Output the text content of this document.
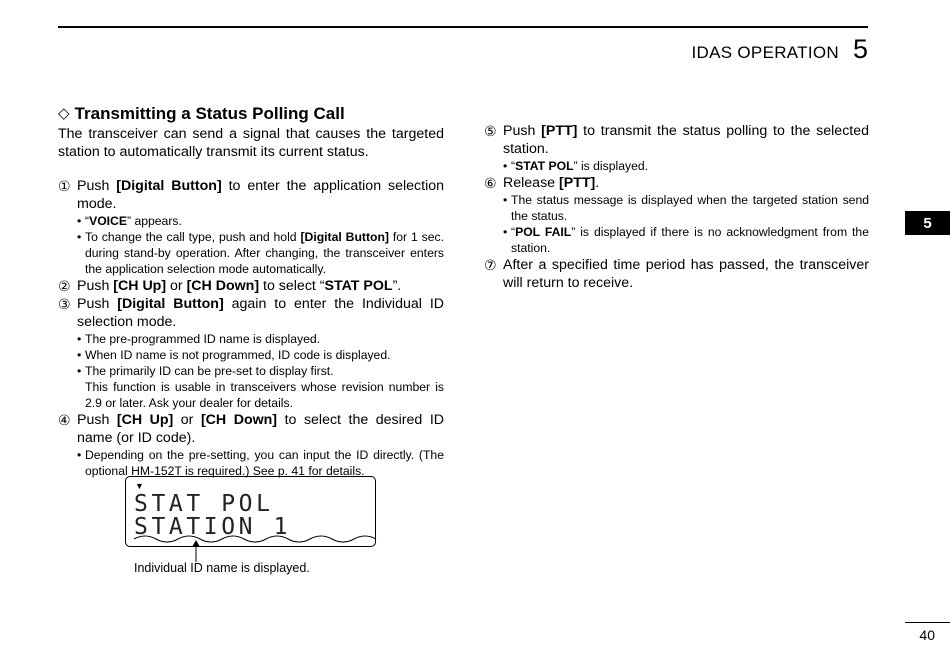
IDAS OPERATION 5
5
◇ Transmitting a Status Polling Call
The transceiver can send a signal that causes the targeted station to automatically transmit its current status.
① Push [Digital Button] to enter the application selection mode.
• “VOICE” appears.
• To change the call type, push and hold [Digital Button] for 1 sec. during stand-by operation. After changing, the transceiver enters the application selection mode automatically.
② Push [CH Up] or [CH Down] to select “STAT POL”.
③ Push [Digital Button] again to enter the Individual ID selection mode.
• The pre-programmed ID name is displayed.
• When ID name is not programmed, ID code is displayed.
• The primarily ID can be pre-set to display first.
This function is usable in transceivers whose revision number is 2.9 or later. Ask your dealer for details.
④ Push [CH Up] or [CH Down] to select the desired ID name (or ID code).
• Depending on the pre-setting, you can input the ID directly. (The optional HM-152T is required.) See p. 41 for details.
▼
STAT POL
STATION 1
Individual ID name is displayed.
⑤ Push [PTT] to transmit the status polling to the selected station.
• “STAT POL” is displayed.
⑥ Release [PTT].
• The status message is displayed when the targeted station send the status.
• “POL FAIL” is displayed if there is no acknowledgment from the station.
⑦ After a specified time period has passed, the transceiver will return to receive.
40
